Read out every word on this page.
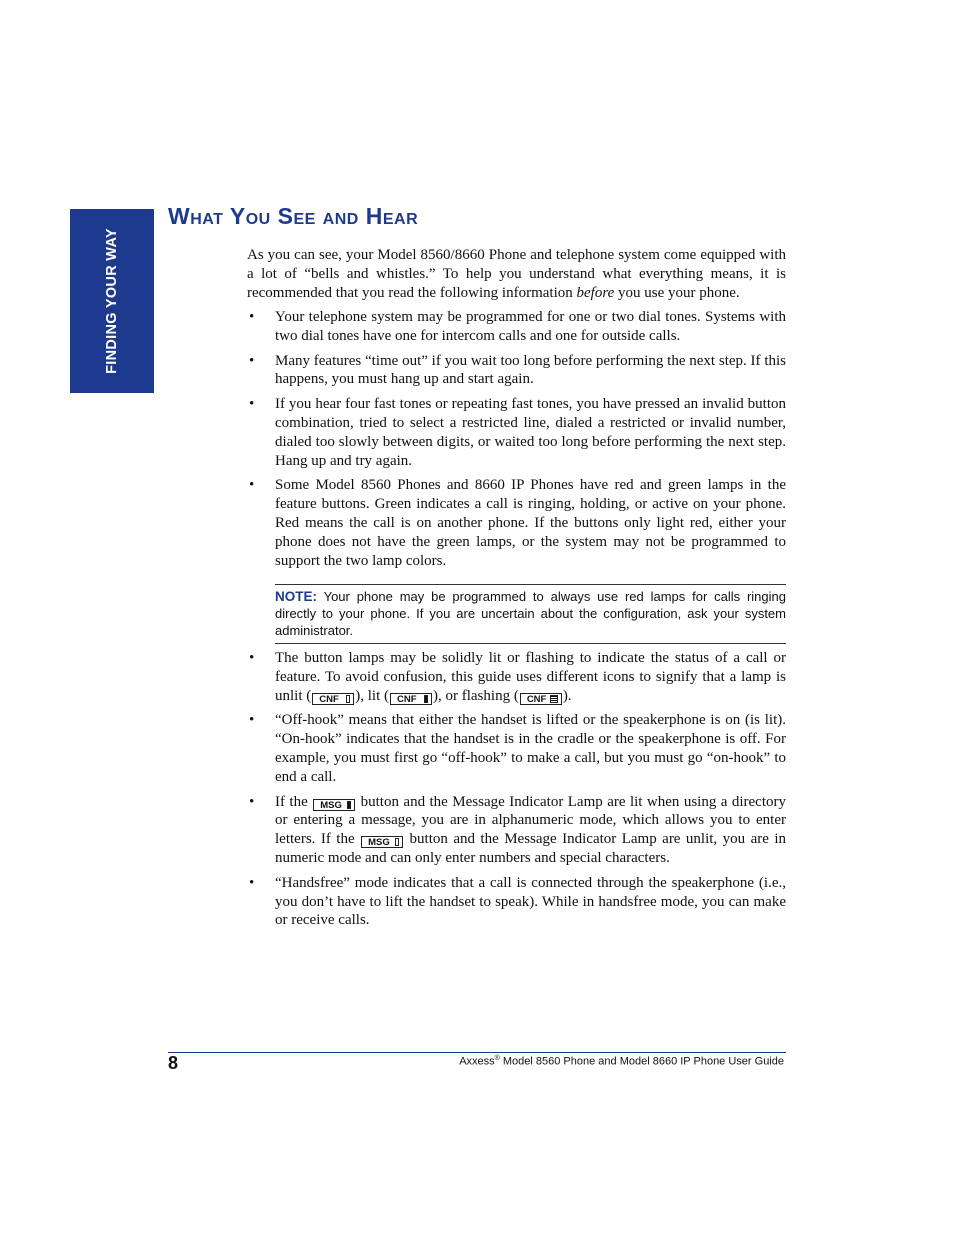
FINDING YOUR WAY
What You See and Hear

As you can see, your Model 8560/8660 Phone and telephone system come equipped with a lot of “bells and whistles.” To help you understand what everything means, it is recommended that you read the following information before you use your phone.

• Your telephone system may be programmed for one or two dial tones. Systems with two dial tones have one for intercom calls and one for outside calls.
• Many features “time out” if you wait too long before performing the next step. If this happens, you must hang up and start again.
• If you hear four fast tones or repeating fast tones, you have pressed an invalid button combination, tried to select a restricted line, dialed a restricted or invalid number, dialed too slowly between digits, or waited too long before performing the next step. Hang up and try again.
• Some Model 8560 Phones and 8660 IP Phones have red and green lamps in the feature buttons. Green indicates a call is ringing, holding, or active on your phone. Red means the call is on another phone. If the buttons only light red, either your phone does not have the green lamps, or the system may not be programmed to support the two lamp colors.
NOTE: Your phone may be programmed to always use red lamps for calls ringing directly to your phone. If you are uncertain about the configuration, ask your system administrator.
• The button lamps may be solidly lit or flashing to indicate the status of a call or feature. To avoid confusion, this guide uses different icons to signify that a lamp is unlit ( CNF ), lit ( CNF ), or flashing ( CNF ).
• “Off-hook” means that either the handset is lifted or the speakerphone is on (is lit). “On-hook” indicates that the handset is in the cradle or the speakerphone is off. For example, you must first go “off-hook” to make a call, but you must go “on-hook” to end a call.
• If the MSG
button and the Message Indicator Lamp are lit when using a directory or entering a message, you are in alphanumeric mode, which allows you to enter letters. If the MSG
button and the Message Indicator Lamp are unlit, you are in numeric mode and can only enter numbers and special characters.
• “Handsfree” mode indicates that a call is connected through the speakerphone (i.e., you don’t have to lift the handset to speak). While in handsfree mode, you can make or receive calls.
8	Axxess® Model 8560 Phone and Model 8660 IP Phone User Guide
